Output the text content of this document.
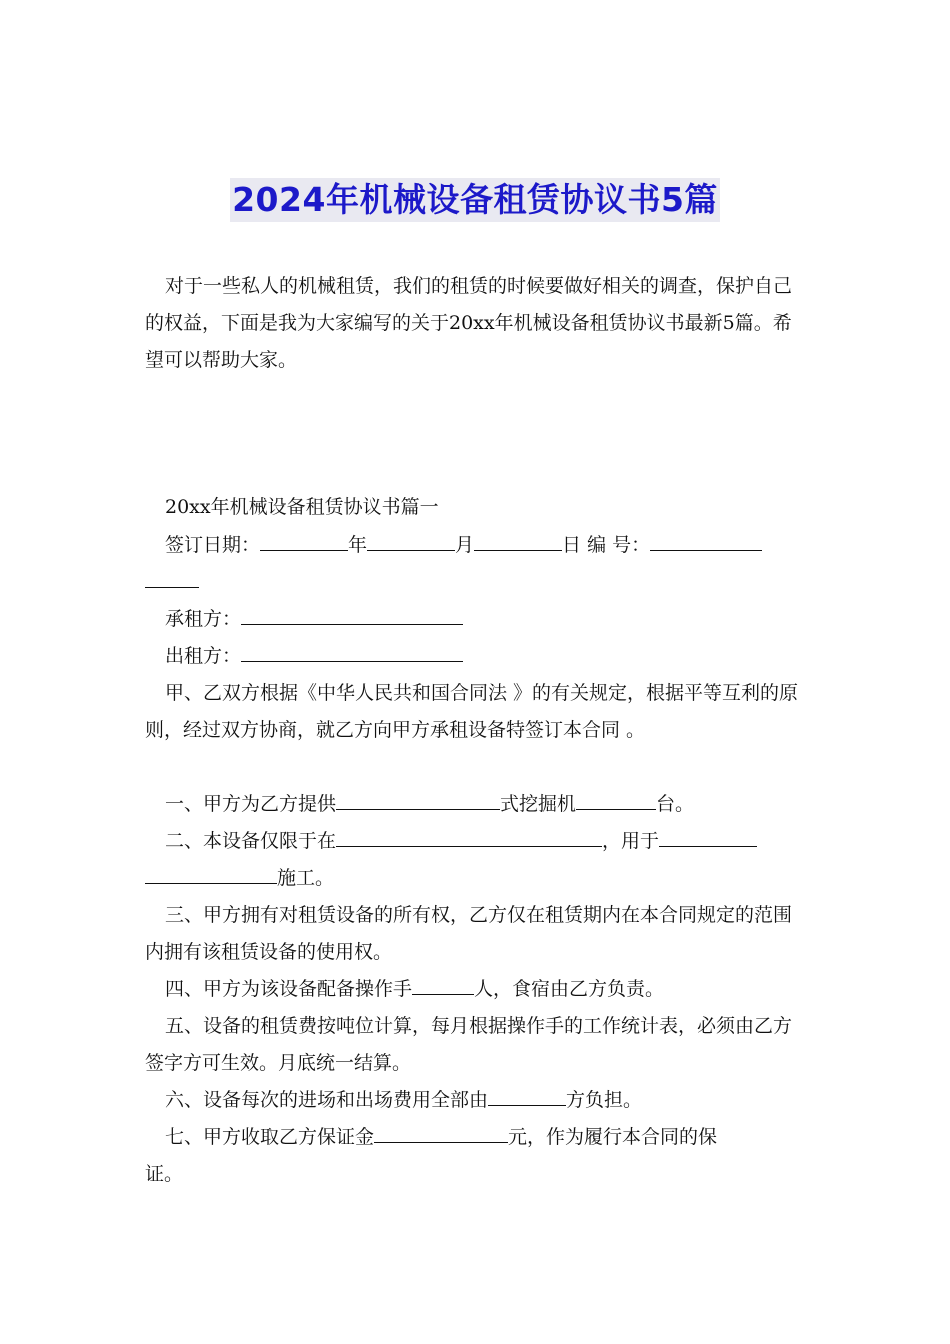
2024年机械设备租赁协议书5篇

对于一些私人的机械租赁，我们的租赁的时候要做好相关的调查，保护自己的权益，下面是我为大家编写的关于20xx年机械设备租赁协议书最新5篇。希望可以帮助大家。

20xx年机械设备租赁协议书篇一
签订日期：	年	月	日 编 号：
承租方：
出租方：

甲、乙双方根据《中华人民共和国合同法 》的有关规定，根据平等互利的原则，经过双方协商，就乙方向甲方承租设备特签订本合同 。

一、甲方为乙方提供	式挖掘机	台。
二、本设备仅限于在	，用于
施工。

三、甲方拥有对租赁设备的所有权，乙方仅在租赁期内在本合同规定的范围内拥有该租赁设备的使用权。

四、甲方为该设备配备操作手	人，食宿由乙方负责。

五、设备的租赁费按吨位计算，每月根据操作手的工作统计表，必须由乙方签字方可生效。月底统一结算。

六、设备每次的进场和出场费用全部由	方负担。
七、甲方收取乙方保证金	元，作为履行本合同的保
证。
